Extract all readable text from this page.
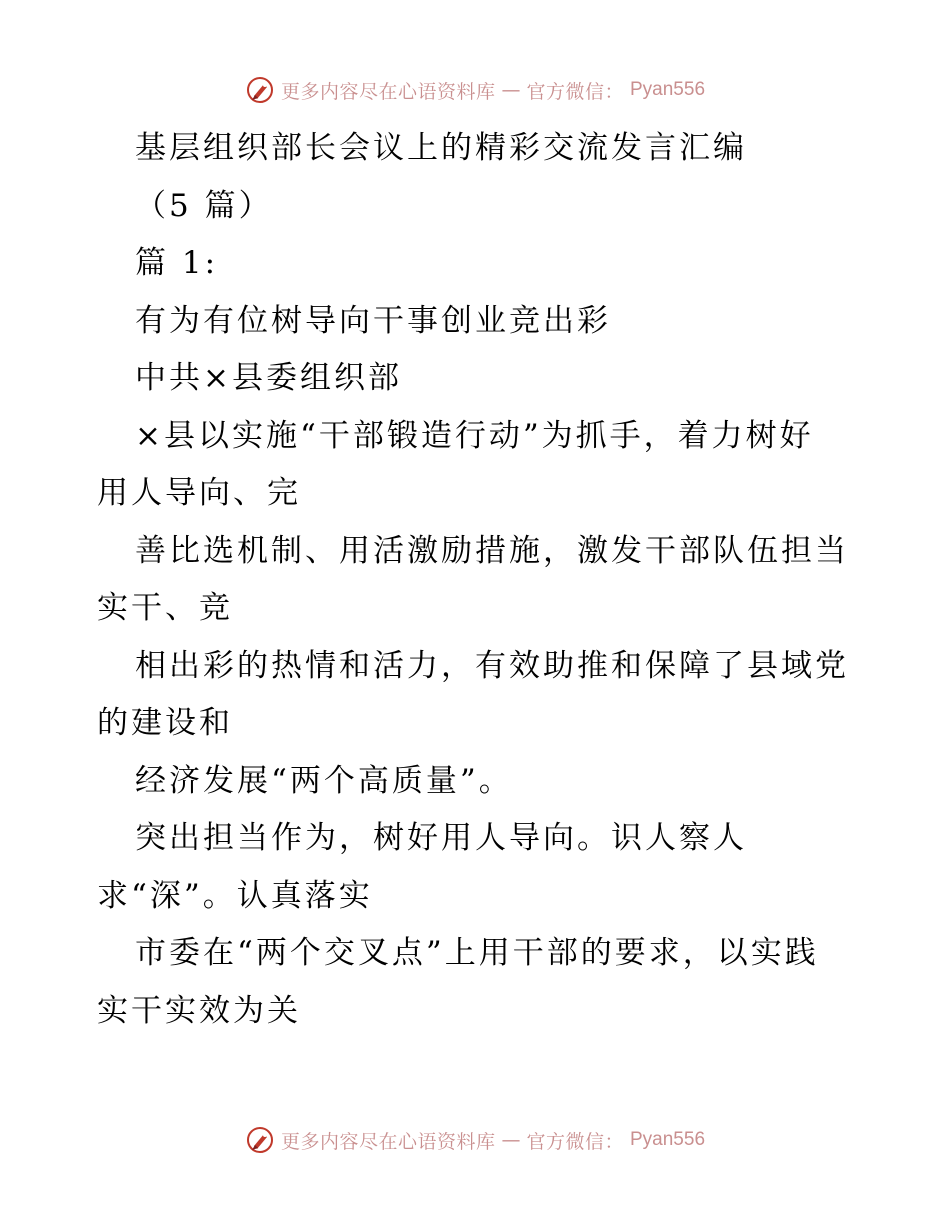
更多内容尽在心语资料库 — 官方微信： Pyan556
基层组织部长会议上的精彩交流发言汇编
（5 篇）
篇 1:
有为有位树导向干事创业竞出彩
中共×县委组织部
×县以实施“干部锻造行动”为抓手，着力树好
用人导向、完
善比选机制、用活激励措施，激发干部队伍担当
实干、竞
相出彩的热情和活力，有效助推和保障了县域党
的建设和
经济发展“两个高质量”。
突出担当作为，树好用人导向。识人察人
求“深”。认真落实
市委在“两个交叉点”上用干部的要求，以实践
实干实效为关
更多内容尽在心语资料库 — 官方微信： Pyan556
